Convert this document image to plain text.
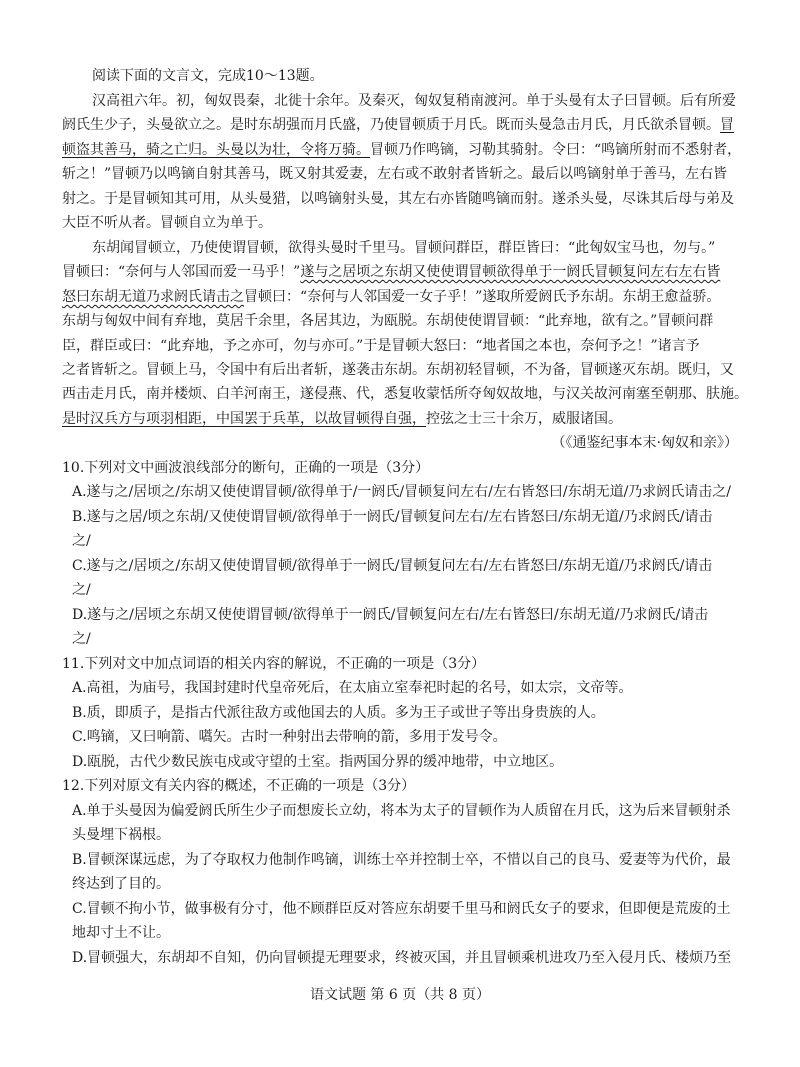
阅读下面的文言文，完成10～13题。
汉高祖六年。初，匈奴畏秦，北徙十余年。及秦灭，匈奴复稍南渡河。单于头曼有太子曰冒顿。后有所爱
阏氏生少子，头曼欲立之。是时东胡强而月氏盛，乃使冒顿质于月氏。既而头曼急击月氏，月氏欲杀冒顿。冒
顿盗其善马，骑之亡归。头曼以为壮，令将万骑。冒顿乃作鸣镝，习勒其骑射。令曰：“鸣镝所射而不悉射者，
斩之！”冒顿乃以鸣镝自射其善马，既又射其爱妻，左右或不敢射者皆斩之。最后以鸣镝射单于善马，左右皆
射之。于是冒顿知其可用，从头曼猎，以鸣镝射头曼，其左右亦皆随鸣镝而射。遂杀头曼，尽诛其后母与弟及
大臣不听从者。冒顿自立为单于。
东胡闻冒顿立，乃使使谓冒顿，欲得头曼时千里马。冒顿问群臣，群臣皆曰：“此匈奴宝马也，勿与。”
冒顿曰：“奈何与人邻国而爱一马乎！”遂与之居顷之东胡又使使谓冒顿欲得单于一阏氏冒顿复问左右左右皆
怒曰东胡无道乃求阏氏请击之冒顿曰：“奈何与人邻国爱一女子乎！”遂取所爱阏氏予东胡。东胡王愈益骄。
东胡与匈奴中间有弃地，莫居千余里，各居其边，为瓯脱。东胡使使谓冒顿：“此弃地，欲有之。”冒顿问群
臣，群臣或曰：“此弃地，予之亦可，勿与亦可。”于是冒顿大怒曰：“地者国之本也，奈何予之！”诸言予
之者皆斩之。冒顿上马，令国中有后出者斩，遂袭击东胡。东胡初轻冒顿，不为备，冒顿遂灭东胡。既归，又
西击走月氏，南并楼烦、白羊河南王，遂侵燕、代，悉复收蒙恬所夺匈奴故地，与汉关故河南塞至朝那、肤施。
是时汉兵方与项羽相距，中国罢于兵革，以故冒顿得自强，控弦之士三十余万，威服诸国。
（《通鉴纪事本末·匈奴和亲》）
10.下列对文中画波浪线部分的断句，正确的一项是（3分）
A.遂与之/居顷之/东胡又使使谓冒顿/欲得单于/一阏氏/冒顿复问左右/左右皆怒曰/东胡无道/乃求阏氏请击之/
B.遂与之居/顷之东胡/又使使谓冒顿/欲得单于一阏氏/冒顿复问左右/左右皆怒曰/东胡无道/乃求阏氏/请击
之/
C.遂与之/居顷之/东胡又使使谓冒顿/欲得单于一阏氏/冒顿复问左右/左右皆怒曰/东胡无道/乃求阏氏/请击
之/
D.遂与之/居顷之东胡又使使谓冒顿/欲得单于一阏氏/冒顿复问左右/左右皆怒曰/东胡无道/乃求阏氏/请击
之/
11.下列对文中加点词语的相关内容的解说，不正确的一项是（3分）
A.高祖，为庙号，我国封建时代皇帝死后，在太庙立室奉祀时起的名号，如太宗，文帝等。
B.质，即质子，是指古代派往敌方或他国去的人质。多为王子或世子等出身贵族的人。
C.鸣镝，又曰响箭、嚆矢。古时一种射出去带响的箭，多用于发号令。
D.瓯脱，古代少数民族屯戍或守望的土室。指两国分界的缓冲地带，中立地区。
12.下列对原文有关内容的概述，不正确的一项是（3分）
A.单于头曼因为偏爱阏氏所生少子而想废长立幼，将本为太子的冒顿作为人质留在月氏，这为后来冒顿射杀
头曼埋下祸根。
B.冒顿深谋远虑，为了夺取权力他制作鸣镝，训练士卒并控制士卒，不惜以自己的良马、爱妻等为代价，最
终达到了目的。
C.冒顿不拘小节，做事极有分寸，他不顾群臣反对答应东胡要千里马和阏氏女子的要求，但即便是荒废的土
地却寸土不让。
D.冒顿强大，东胡却不自知，仍向冒顿提无理要求，终被灭国，并且冒顿乘机进攻乃至入侵月氏、楼烦乃至
语文试题 第 6 页（共 8 页）
